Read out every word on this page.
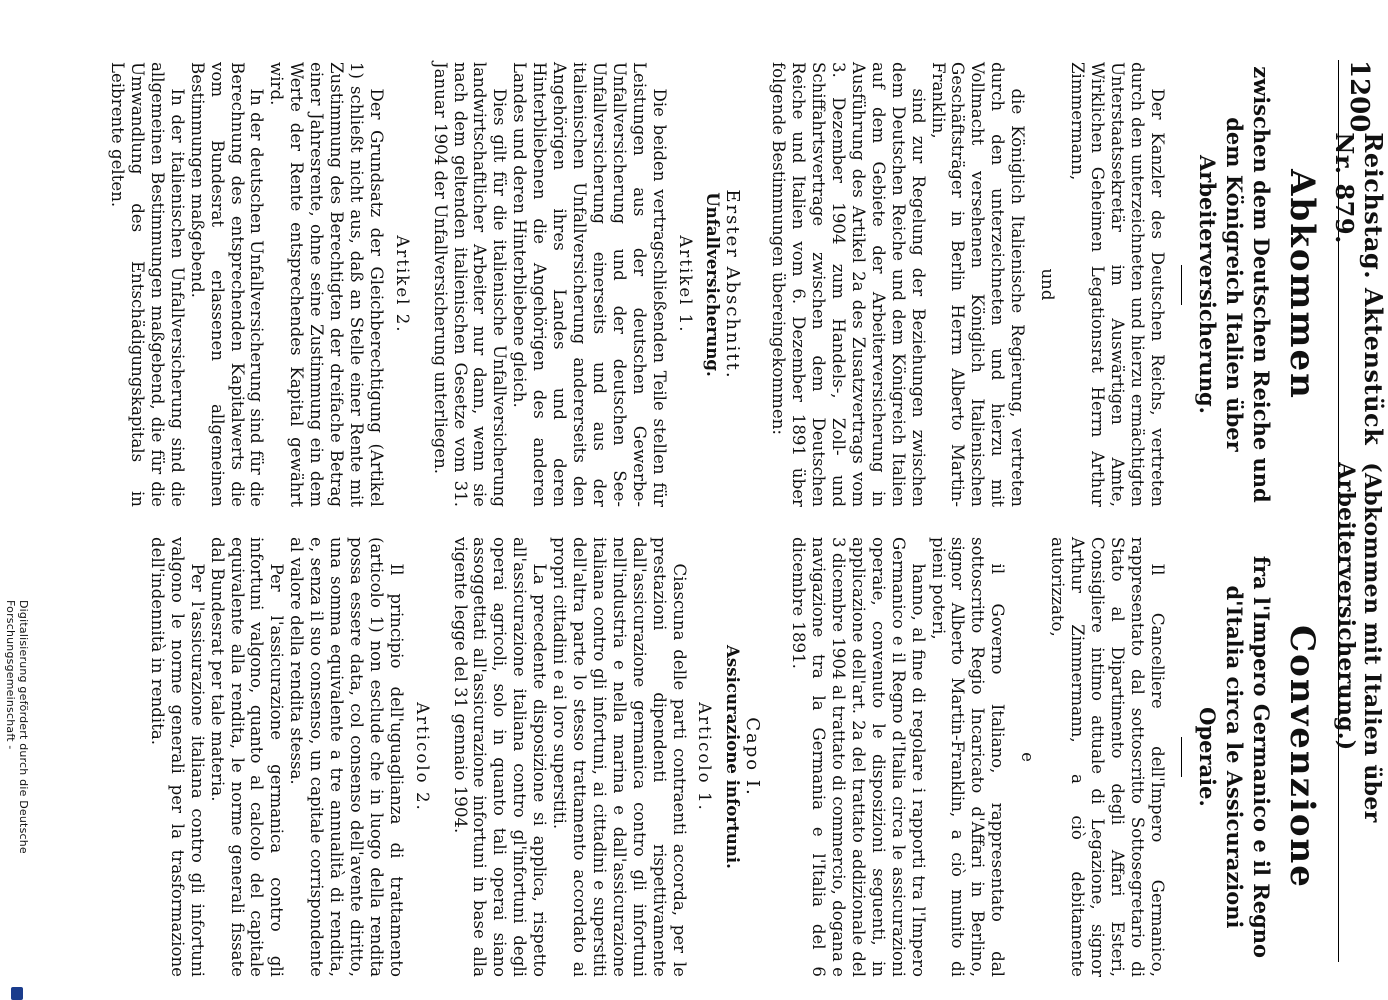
1200
Reichstag. Aktenstück Nr. 879.
(Abkommen mit Italien über Arbeiterversicherung.)
Abkommen
zwischen dem Deutschen Reiche und dem Königreich Italien über Arbeiterversicherung.

Der Kanzler des Deutschen Reichs, vertreten durch den unterzeichneten und hierzu ermächtigten Unterstaatssekretär im Auswärtigen Amte, Wirklichen Geheimen Legationsrat Herrn Arthur Zimmermann,

und

die Königlich Italienische Regierung, vertreten durch den unterzeichneten und hierzu mit Vollmacht versehenen Königlich Italienischen Geschäftsträger in Berlin Herrn Alberto Martin-Franklin,

sind zur Regelung der Beziehungen zwischen dem Deutschen Reiche und dem Königreich Italien auf dem Gebiete der Arbeiterversicherung in Ausführung des Artikel 2a des Zusatzvertrags vom 3. Dezember 1904 zum Handels-, Zoll- und Schiffahrtsvertrage zwischen dem Deutschen Reiche und Italien vom 6. Dezember 1891 über folgende Bestimmungen übereingekommen:

Erster Abschnitt.

Unfallversicherung.

Artikel 1.

Die beiden vertragschließenden Teile stellen für Leistungen aus der deutschen Gewerbe-Unfallversicherung und der deutschen See-Unfallversicherung einerseits und aus der italienischen Unfallversicherung andererseits den Angehörigen ihres Landes und deren Hinterbliebenen die Angehörigen des anderen Landes und deren Hinterbliebene gleich.

Dies gilt für die italienische Unfallversicherung landwirtschaftlicher Arbeiter nur dann, wenn sie nach dem geltenden italienischen Gesetze vom 31. Januar 1904 der Unfallversicherung unterliegen.

Artikel 2.

Der Grundsatz der Gleichberechtigung (Artikel 1) schließt nicht aus, daß an Stelle einer Rente mit Zustimmung des Berechtigten der dreifache Betrag einer Jahresrente, ohne seine Zustimmung ein dem Werte der Rente entsprechendes Kapital gewährt wird.

In der deutschen Unfallversicherung sind für die Berechnung des entsprechenden Kapitalwerts die vom Bundesrat erlassenen allgemeinen Bestimmungen maßgebend.

In der italienischen Unfallversicherung sind die allgemeinen Bestimmungen maßgebend, die für die Umwandlung des Entschädigungskapitals in Leibrente gelten.

Convenzione
fra l'Impero Germanico e il Regno d'Italia circa le Assicurazioni Operaie.

Il Cancelliere dell'Impero Germanico, rappresentato dal sottoscritto Sottosegretario di Stato al Dipartimento degli Affari Esteri, Consigliere intimo attuale di Legazione, signor Arthur Zimmermann, a ciò debitamente autorizzato,

e

il Governo Italiano, rappresentato dal sottoscritto Regio Incaricato d'Affari in Berlino, signor Alberto Martin-Franklin, a ciò munito di pieni poteri,

hanno, al fine di regolare i rapporti tra l'Impero Germanico e il Regno d'Italia circa le assicurazioni operaie, convenuto le disposizioni seguenti, in applicazione dell'art. 2a del trattato addizionale del 3 dicembre 1904 al trattato di commercio, dogana e navigazione tra la Germania e l'Italia del 6 dicembre 1891.

Capo I.

Assicurazione infortuni.

Articolo 1.

Ciascuna delle parti contraenti accorda, per le prestazioni dipendenti rispettivamente dall'assicurazione germanica contro gli infortuni nell'industria e nella marina e dall'assicurazione italiana contro gli infortuni, ai cittadini e superstiti dell'altra parte lo stesso trattamento accordato ai propri cittadini e ai loro superstiti.

La precedente disposizione si applica, rispetto all'assicurazione italiana contro gl'infortuni degli operai agricoli, solo in quanto tali operai siano assoggettati all'assicurazione infortuni in base alla vigente legge del 31 gennaio 1904.

Articolo 2.

Il principio dell'uguaglianza di trattamento (articolo 1) non esclude che in luogo della rendita possa essere data, col consenso dell'avente diritto, una somma equivalente a tre annualità di rendita, e, senza il suo consenso, un capitale corrispondente al valore della rendita stessa.

Per l'assicurazione germanica contro gli infortuni valgono, quanto al calcolo del capitale equivalente alla rendita, le norme generali fissate dal Bundesrat per tale materia.

Per l'assicurazione italiana contro gli infortuni valgono le norme generali per la trasformazione dell'indennità in rendita.

Digitalisierung gefördert durch die Deutsche Forschungsgemeinschaft -
